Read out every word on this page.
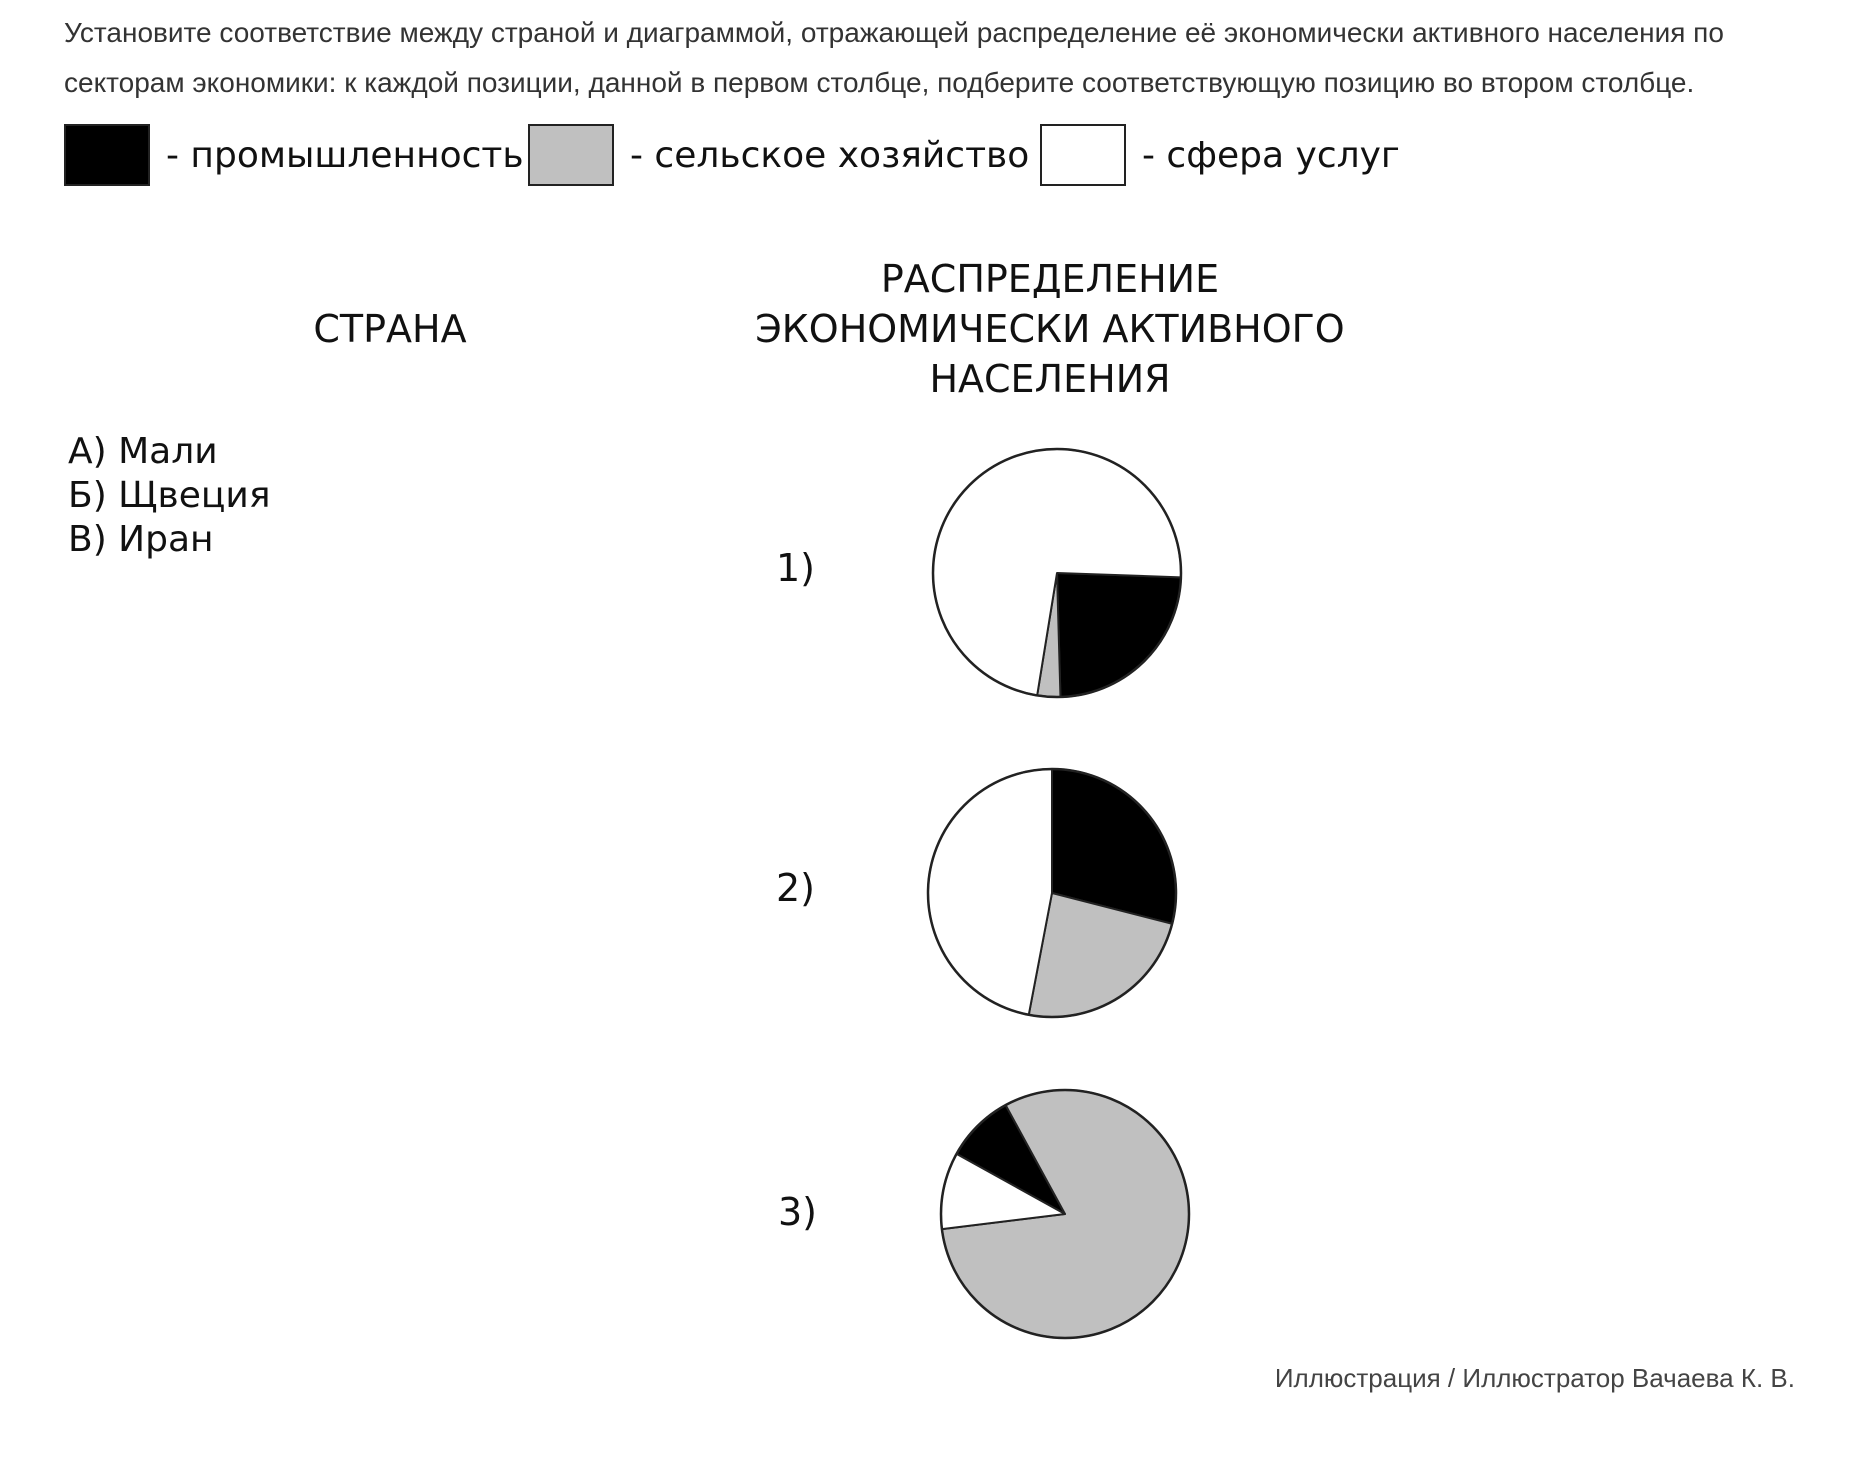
Установите соответствие между страной и диаграммой, отражающей распределение её экономически активного населения по секторам экономики: к каждой позиции, данной в первом столбце, подберите соответствующую позицию во втором столбце.
- промышленность	- сельское хозяйство	- сфера услуг
СТРАНА
РАСПРЕДЕЛЕНИЕ
ЭКОНОМИЧЕСКИ АКТИВНОГО
НАСЕЛЕНИЯ
А) Мали
Б) Щвеция
В) Иран
1)
2)
3)
Иллюстрация / Иллюстратор Вачаева К. В.
